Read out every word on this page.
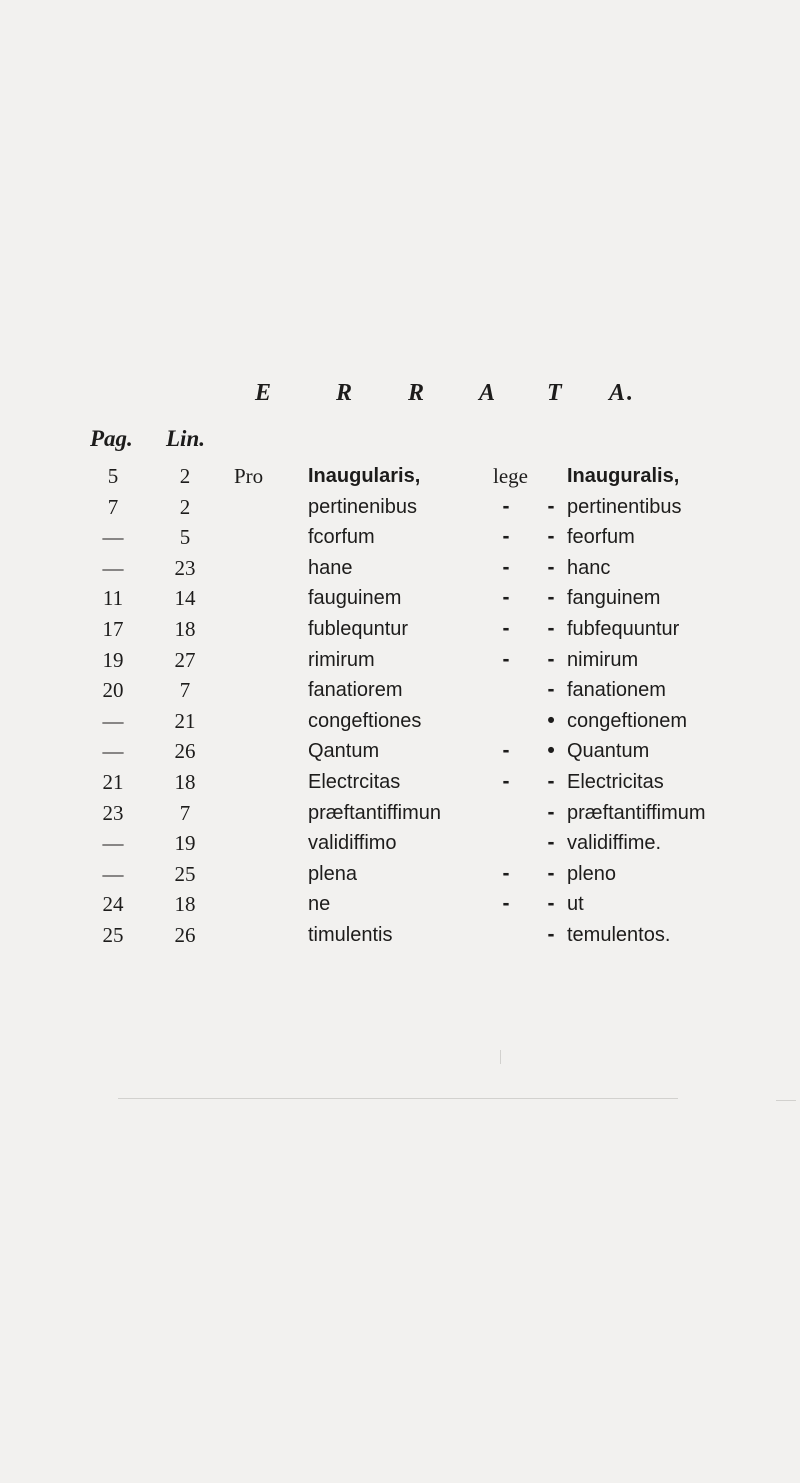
E	R R A T A.
Pag. Lin.
5	2	Pro Inaugularis,	lege Inauguralis,
7	2	pertinenibus	- - pertinentibus
—	5	fcorfum	- - feorfum
—	23	hane	- - hanc
11	14	fauguinem	- - fanguinem
17	18	fublequntur	- - fubfequuntur
19	27	rimirum	- - nimirum
20	7	fanatiorem	- fanationem
—	21	congeftiones	• congeftionem
—	26	Qantum	- • Quantum
21	18	Electrcitas	- - Electricitas
23	7	præftantiffimun	- præftantiffimum
—	19	validiffimo	- validiffime.
—	25	plena	- - pleno
24	18	ne	- - ut
25	26	timulentis	- temulentos.
